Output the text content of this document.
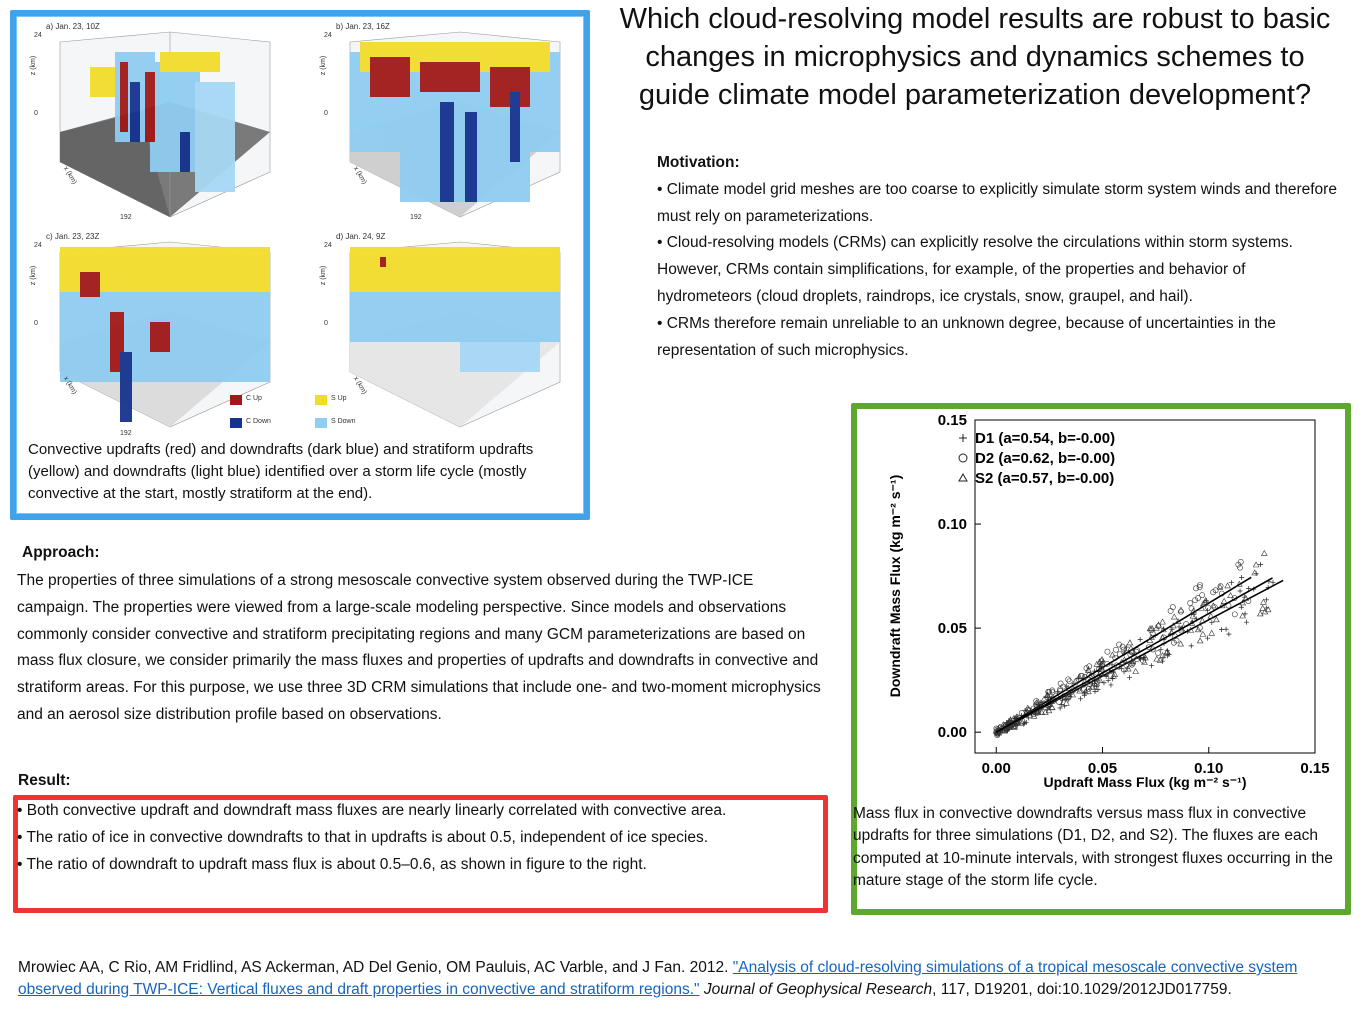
a) Jan. 23, 10Z
24
0
z (km)
x (km)
192
b) Jan. 23, 16Z
24
0
z (km)
x (km)
192
c) Jan. 23, 23Z
24
0
z (km)
x (km)
192
d) Jan. 24, 9Z
24
0
z (km)
x (km)
C Up	S Up
C Down	S Down
Convective updrafts (red) and downdrafts (dark blue) and stratiform updrafts (yellow) and downdrafts (light blue) identified over a storm life cycle (mostly convective at the start, mostly stratiform at the end).
Which cloud-resolving model results are robust to basic changes in microphysics and dynamics schemes to guide climate model parameterization development?
Motivation:
• Climate model grid meshes are too coarse to explicitly simulate storm system winds and therefore must rely on parameterizations.
• Cloud-resolving models (CRMs) can explicitly resolve the circulations within storm systems. However, CRMs contain simplifications, for example, of the properties and behavior of hydrometeors (cloud droplets, raindrops, ice crystals, snow, graupel, and hail).
• CRMs therefore remain unreliable to an unknown degree, because of uncertainties in the representation of such microphysics.
Approach:
The properties of three simulations of a strong mesoscale convective system observed during the TWP-ICE campaign. The properties were viewed from a large-scale modeling perspective. Since models and observations commonly consider convective and stratiform precipitating regions and many GCM parameterizations are based on mass flux closure, we consider primarily the mass fluxes and properties of updrafts and downdrafts in convective and stratiform areas. For this purpose, we use three 3D CRM simulations that include one- and two-moment microphysics and an aerosol size distribution profile based on observations.
Result:
• Both convective updraft and downdraft mass fluxes are nearly linearly correlated with convective area.
• The ratio of ice in convective downdrafts to that in updrafts is about 0.5, independent of ice species.
• The ratio of downdraft to updraft mass flux is about 0.5–0.6, as shown in figure to the right.
0.00	0.05	0.10	0.15
0.00
0.05
0.10
0.15
Updraft Mass Flux (kg m⁻² s⁻¹)
Downdraft Mass Flux (kg m⁻² s⁻¹)
D1 (a=0.54, b=-0.00)
D2 (a=0.62, b=-0.00)
S2 (a=0.57, b=-0.00)
Mass flux in convective downdrafts versus mass flux in convective updrafts for three simulations (D1, D2, and S2). The fluxes are each computed at 10-minute intervals, with strongest fluxes occurring in the mature stage of the storm life cycle.
Mrowiec AA, C Rio, AM Fridlind, AS Ackerman, AD Del Genio, OM Pauluis, AC Varble, and J Fan. 2012. "Analysis of cloud-resolving simulations of a tropical mesoscale convective system observed during TWP-ICE: Vertical fluxes and draft properties in convective and stratiform regions." Journal of Geophysical Research, 117, D19201, doi:10.1029/2012JD017759.
